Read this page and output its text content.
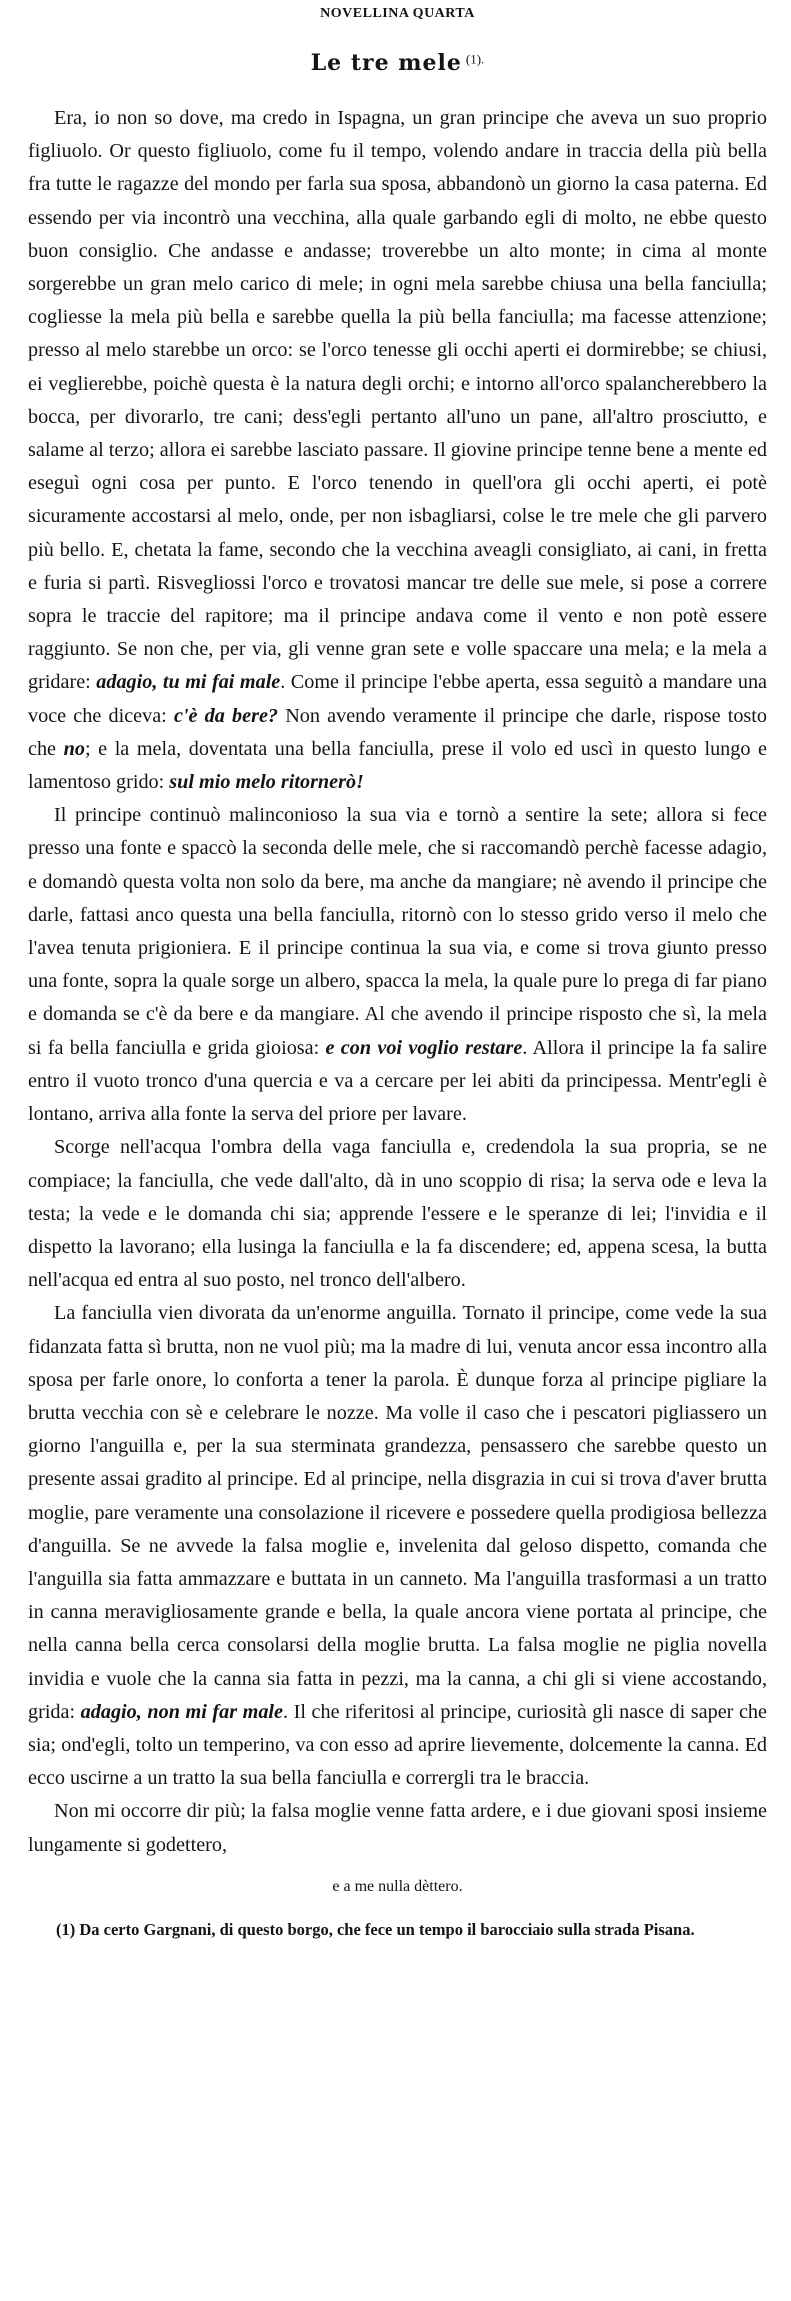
NOVELLINA QUARTA
Le tre mele $^{(1).}$

Era, io non so dove, ma credo in Ispagna, un gran principe che aveva un suo proprio figliuolo. Or questo figliuolo, come fu il tempo, volendo andare in traccia della più bella fra tutte le ragazze del mondo per farla sua sposa, abbandonò un giorno la casa paterna. Ed essendo per via incontrò una vecchina, alla quale garbando egli di molto, ne ebbe questo buon consiglio. Che andasse e andasse; troverebbe un alto monte; in cima al monte sorgerebbe un gran melo carico di mele; in ogni mela sarebbe chiusa una bella fanciulla; cogliesse la mela più bella e sarebbe quella la più bella fanciulla; ma facesse attenzione; presso al melo starebbe un orco: se l'orco tenesse gli occhi aperti ei dormirebbe; se chiusi, ei veglierebbe, poichè questa è la natura degli orchi; e intorno all'orco spalancherebbero la bocca, per divorarlo, tre cani; dess'egli pertanto all'uno un pane, all'altro prosciutto, e salame al terzo; allora ei sarebbe lasciato passare. Il giovine principe tenne bene a mente ed eseguì ogni cosa per punto. E l'orco tenendo in quell'ora gli occhi aperti, ei potè sicuramente accostarsi al melo, onde, per non isbagliarsi, colse le tre mele che gli parvero più bello. E, chetata la fame, secondo che la vecchina aveagli consigliato, ai cani, in fretta e furia si partì. Risvegliossi l'orco e trovatosi mancar tre delle sue mele, si pose a correre sopra le traccie del rapitore; ma il principe andava come il vento e non potè essere raggiunto. Se non che, per via, gli venne gran sete e volle spaccare una mela; e la mela a gridare: adagio, tu mi fai male. Come il principe l'ebbe aperta, essa seguitò a mandare una voce che diceva: c'è da bere? Non avendo veramente il principe che darle, rispose tosto che no; e la mela, doventata una bella fanciulla, prese il volo ed uscì in questo lungo e lamentoso grido: sul mio melo ritornerò!

Il principe continuò malinconioso la sua via e tornò a sentire la sete; allora si fece presso una fonte e spaccò la seconda delle mele, che si raccomandò perchè facesse adagio, e domandò questa volta non solo da bere, ma anche da mangiare; nè avendo il principe che darle, fattasi anco questa una bella fanciulla, ritornò con lo stesso grido verso il melo che l'avea tenuta prigioniera. E il principe continua la sua via, e come si trova giunto presso una fonte, sopra la quale sorge un albero, spacca la mela, la quale pure lo prega di far piano e domanda se c'è da bere e da mangiare. Al che avendo il principe risposto che sì, la mela si fa bella fanciulla e grida gioiosa: e con voi voglio restare. Allora il principe la fa salire entro il vuoto tronco d'una quercia e va a cercare per lei abiti da principessa. Mentr'egli è lontano, arriva alla fonte la serva del priore per lavare.

Scorge nell'acqua l'ombra della vaga fanciulla e, credendola la sua propria, se ne compiace; la fanciulla, che vede dall'alto, dà in uno scoppio di risa; la serva ode e leva la testa; la vede e le domanda chi sia; apprende l'essere e le speranze di lei; l'invidia e il dispetto la lavorano; ella lusinga la fanciulla e la fa discendere; ed, appena scesa, la butta nell'acqua ed entra al suo posto, nel tronco dell'albero.

La fanciulla vien divorata da un'enorme anguilla. Tornato il principe, come vede la sua fidanzata fatta sì brutta, non ne vuol più; ma la madre di lui, venuta ancor essa incontro alla sposa per farle onore, lo conforta a tener la parola. È dunque forza al principe pigliare la brutta vecchia con sè e celebrare le nozze. Ma volle il caso che i pescatori pigliassero un giorno l'anguilla e, per la sua sterminata grandezza, pensassero che sarebbe questo un presente assai gradito al principe. Ed al principe, nella disgrazia in cui si trova d'aver brutta moglie, pare veramente una consolazione il ricevere e possedere quella prodigiosa bellezza d'anguilla. Se ne avvede la falsa moglie e, invelenita dal geloso dispetto, comanda che l'anguilla sia fatta ammazzare e buttata in un canneto. Ma l'anguilla trasformasi a un tratto in canna meravigliosamente grande e bella, la quale ancora viene portata al principe, che nella canna bella cerca consolarsi della moglie brutta. La falsa moglie ne piglia novella invidia e vuole che la canna sia fatta in pezzi, ma la canna, a chi gli si viene accostando, grida: adagio, non mi far male. Il che riferitosi al principe, curiosità gli nasce di saper che sia; ond'egli, tolto un temperino, va con esso ad aprire lievemente, dolcemente la canna. Ed ecco uscirne a un tratto la sua bella fanciulla e corrergli tra le braccia.

Non mi occorre dir più; la falsa moglie venne fatta ardere, e i due giovani sposi insieme lungamente si godettero,

e a me nulla dèttero.
(1) Da certo Gargnani, di questo borgo, che fece un tempo il barocciaio sulla strada Pisana.
